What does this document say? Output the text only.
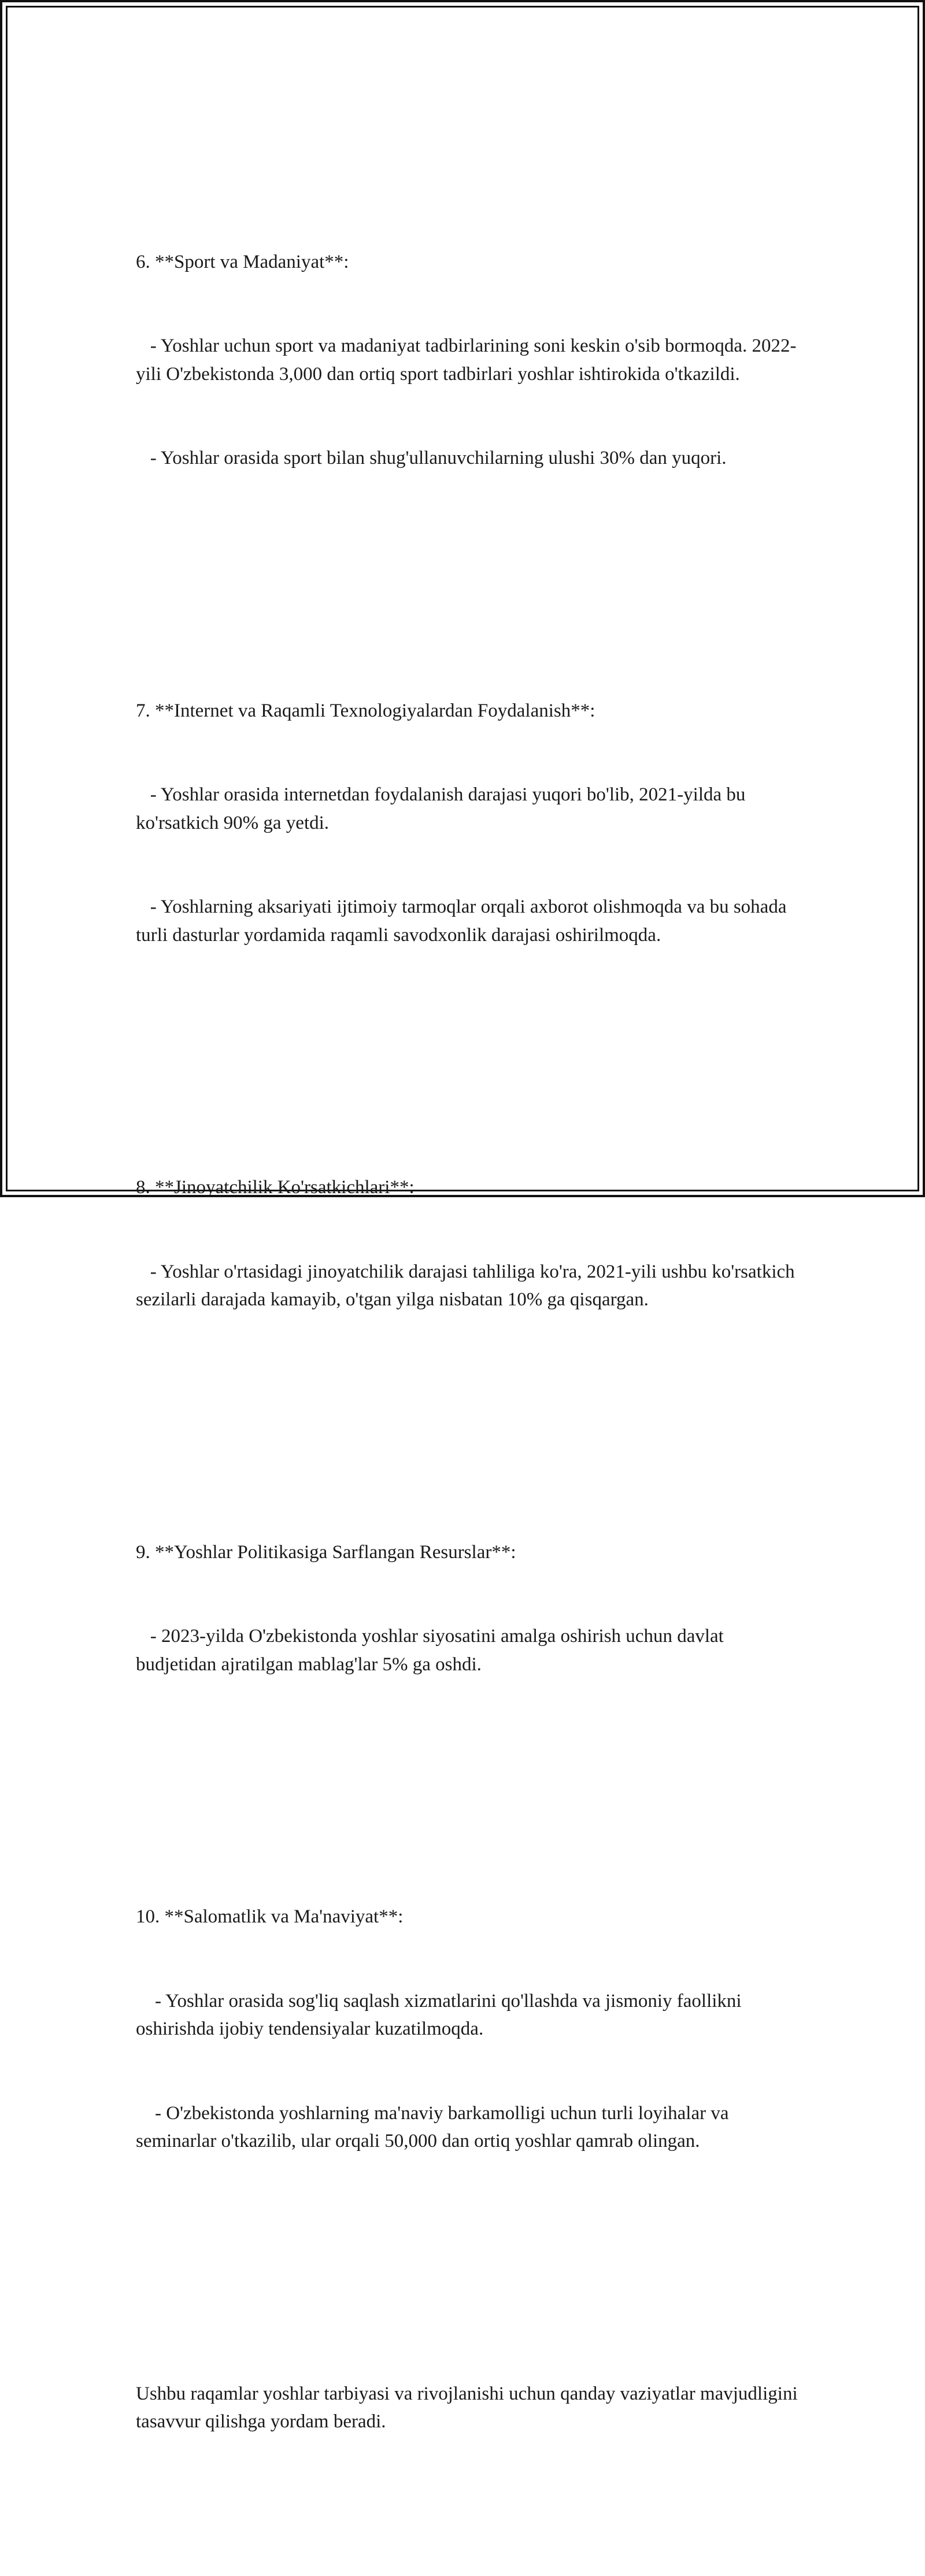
6. **Sport va Madaniyat**:

- Yoshlar uchun sport va madaniyat tadbirlarining soni keskin o'sib bormoqda. 2022-yili O'zbekistonda 3,000 dan ortiq sport tadbirlari yoshlar ishtirokida o'tkazildi.

- Yoshlar orasida sport bilan shug'ullanuvchilarning ulushi 30% dan yuqori.

7. **Internet va Raqamli Texnologiyalardan Foydalanish**:

- Yoshlar orasida internetdan foydalanish darajasi yuqori bo'lib, 2021-yilda bu ko'rsatkich 90% ga yetdi.

- Yoshlarning aksariyati ijtimoiy tarmoqlar orqali axborot olishmoqda va bu sohada turli dasturlar yordamida raqamli savodxonlik darajasi oshirilmoqda.

8. **Jinoyatchilik Ko'rsatkichlari**:

- Yoshlar o'rtasidagi jinoyatchilik darajasi tahliliga ko'ra, 2021-yili ushbu ko'rsatkich sezilarli darajada kamayib, o'tgan yilga nisbatan 10% ga qisqargan.

9. **Yoshlar Politikasiga Sarflangan Resurslar**:

- 2023-yilda O'zbekistonda yoshlar siyosatini amalga oshirish uchun davlat budjetidan ajratilgan mablag'lar 5% ga oshdi.

10. **Salomatlik va Ma'naviyat**:

- Yoshlar orasida sog'liq saqlash xizmatlarini qo'llashda va jismoniy faollikni oshirishda ijobiy tendensiyalar kuzatilmoqda.

- O'zbekistonda yoshlarning ma'naviy barkamolligi uchun turli loyihalar va seminarlar o'tkazilib, ular orqali 50,000 dan ortiq yoshlar qamrab olingan.

Ushbu raqamlar yoshlar tarbiyasi va rivojlanishi uchun qanday vaziyatlar mavjudligini tasavvur qilishga yordam beradi.
